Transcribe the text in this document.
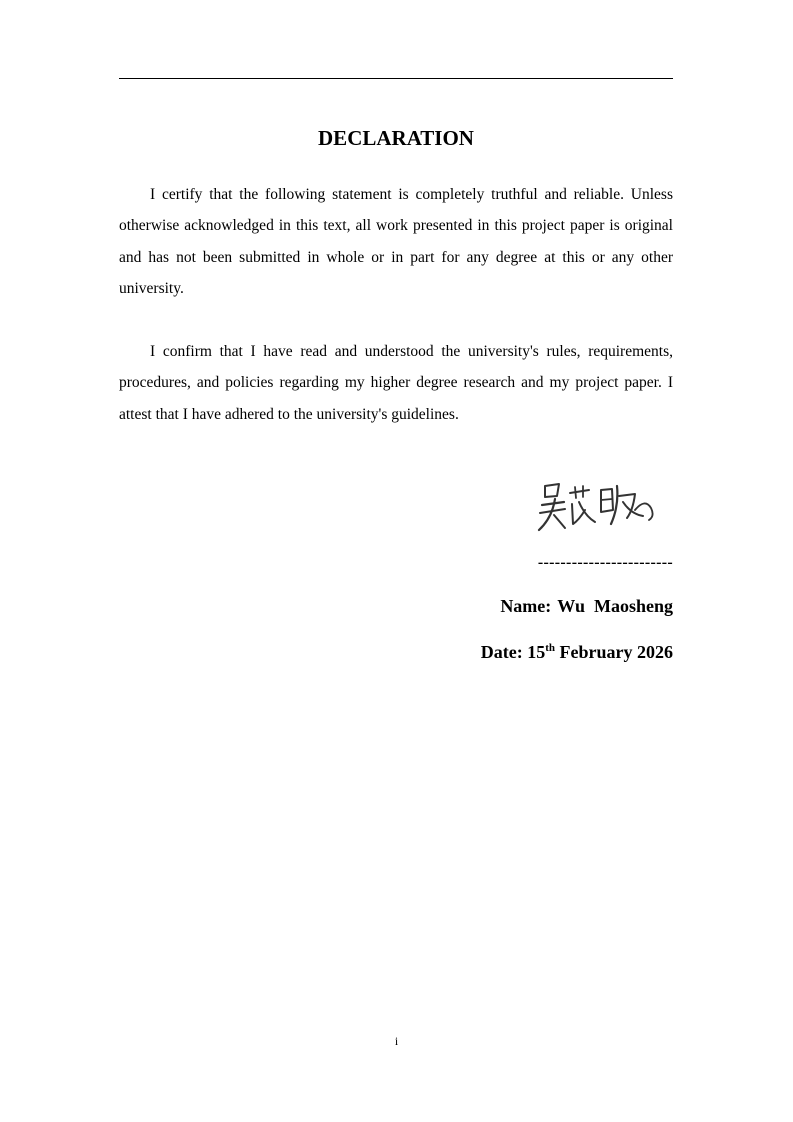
DECLARATION

I certify that the following statement is completely truthful and reliable. Unless otherwise acknowledged in this text, all work presented in this project paper is original and has not been submitted in whole or in part for any degree at this or any other university.

I confirm that I have read and understood the university's rules, requirements, procedures, and policies regarding my higher degree research and my project paper. I attest that I have adhered to the university's guidelines.

------------------------
Name: Wu  Maosheng
Date: 15th February 2026
i
